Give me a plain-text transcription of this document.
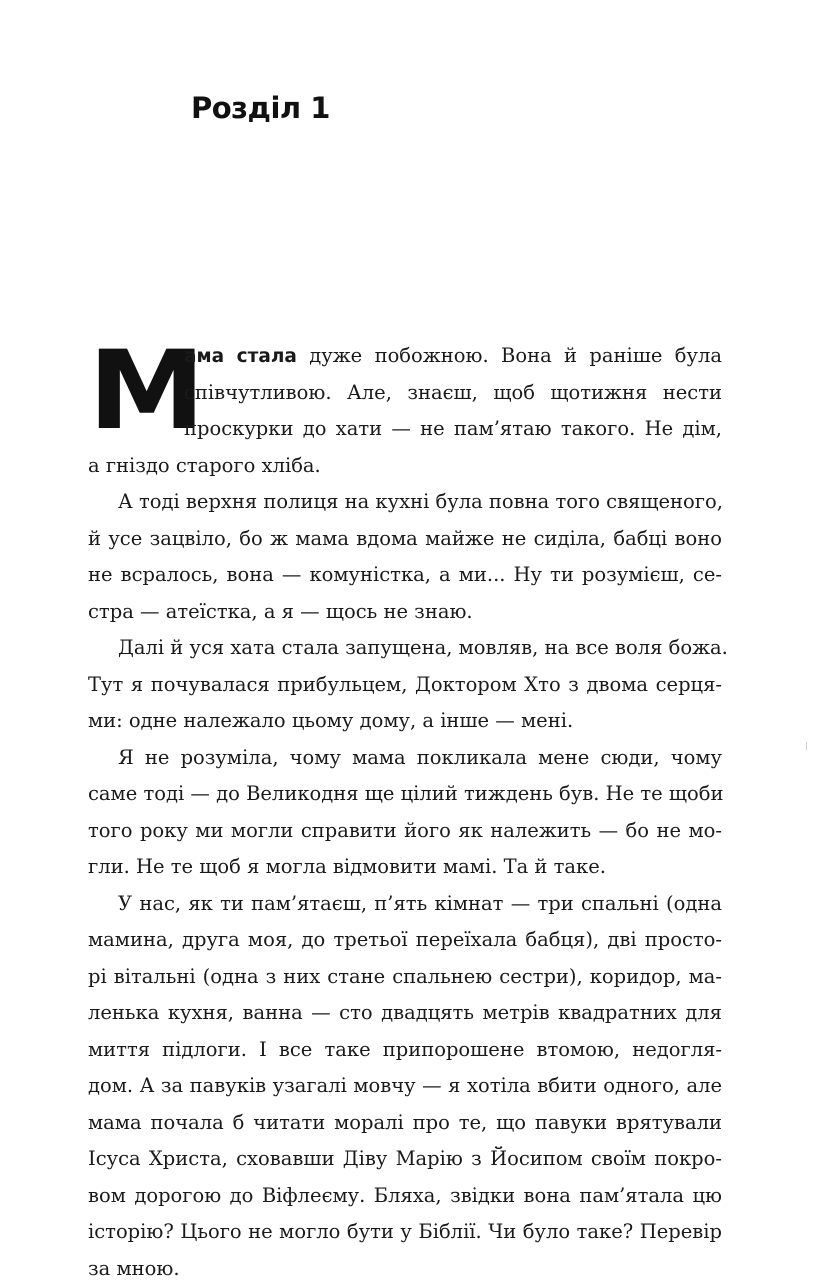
Розділ 1
М
ама стала дуже побожною. Вона й раніше була
співчутливою. Але, знаєш, щоб щотижня нести
проскурки до хати — не пам’ятаю такого. Не дім,
а гніздо старого хліба.
А тоді верхня полиця на кухні була повна того священого,
й усе зацвіло, бо ж мама вдома майже не сиділа, бабці воно
не всралось, вона — комуністка, а ми... Ну ти розумієш, се-
стра — атеїстка, а я — щось не знаю.
Далі й уся хата стала запущена, мовляв, на все воля божа.
Тут я почувалася прибульцем, Доктором Хто з двома серця-
ми: одне належало цьому дому, а інше — мені.
Я не розуміла, чому мама покликала мене сюди, чому
саме тоді — до Великодня ще цілий тиждень був. Не те щоби
того року ми могли справити його як належить — бо не мо-
гли. Не те щоб я могла відмовити мамі. Та й таке.
У нас, як ти пам’ятаєш, п’ять кімнат — три спальні (одна
мамина, друга моя, до третьої переїхала бабця), дві просто-
рі вітальні (одна з них стане спальнею сестри), коридор, ма-
ленька кухня, ванна — сто двадцять метрів квадратних для
миття підлоги. І все таке припорошене втомою, недогля-
дом. А за павуків узагалі мовчу — я хотіла вбити одного, але
мама почала б читати моралі про те, що павуки врятували
Ісуса Христа, сховавши Діву Марію з Йосипом своїм покро-
вом дорогою до Віфлеєму. Бляха, звідки вона пам’ятала цю
історію? Цього не могло бути у Біблії. Чи було таке? Перевір
за мною.
